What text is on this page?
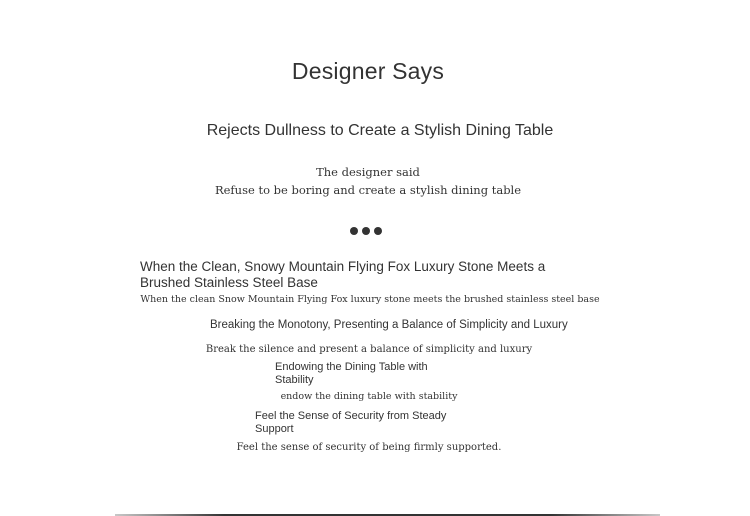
Designer Says
Rejects Dullness to Create a Stylish Dining Table
The designer said
Refuse to be boring and create a stylish dining table
When the Clean, Snowy Mountain Flying Fox Luxury Stone Meets a Brushed Stainless Steel Base
When the clean Snow Mountain Flying Fox luxury stone meets the brushed stainless steel base
Breaking the Monotony, Presenting a Balance of Simplicity and Luxury
Break the silence and present a balance of simplicity and luxury
Endowing the Dining Table with Stability
endow the dining table with stability
Feel the Sense of Security from Steady Support
Feel the sense of security of being firmly supported.
